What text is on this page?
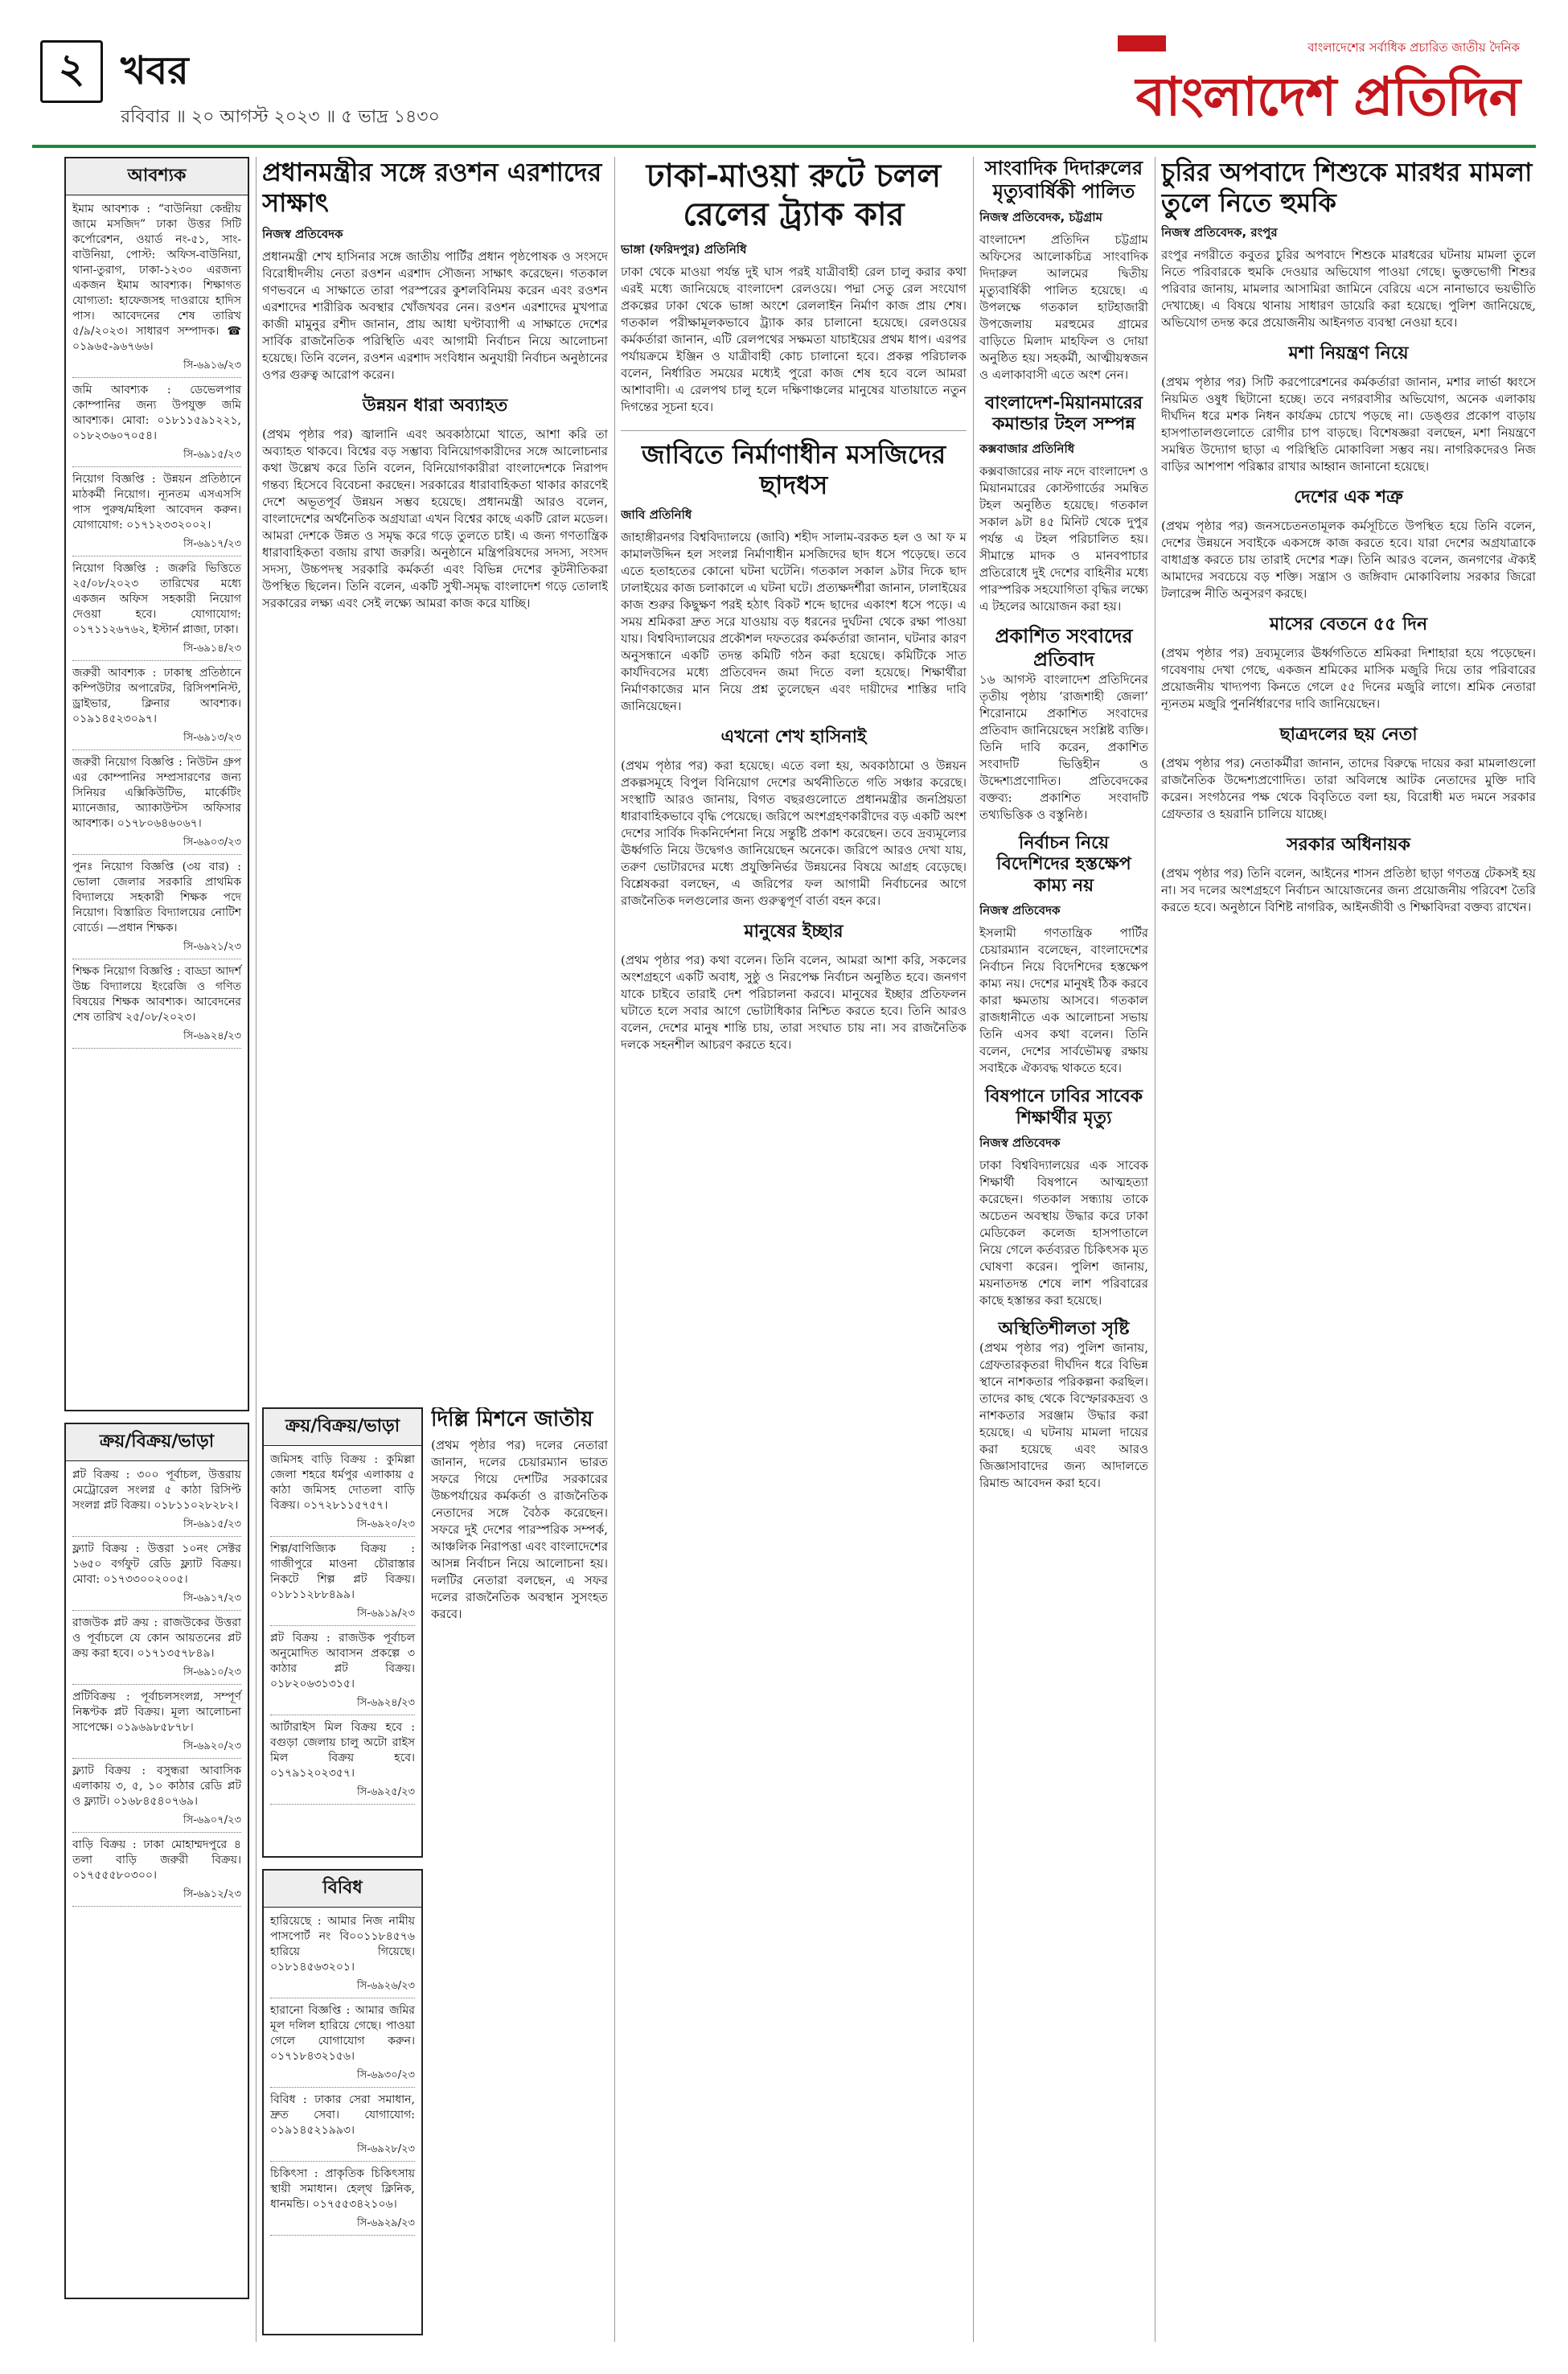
২ খবর
রবিবার ॥ ২০ আগস্ট ২০২৩ ॥ ৫ ভাদ্র ১৪৩০
বাংলাদেশের সর্বাধিক প্রচারিত জাতীয় দৈনিক
বাংলাদেশ প্রতিদিন
আবশ্যক
ইমাম আবশ্যক : “বাউনিয়া কেন্দ্রীয় জামে মসজিদ” ঢাকা উত্তর সিটি কর্পোরেশন, ওয়ার্ড নং-৫১, সাং-বাউনিয়া, পোস্ট: অফিস-বাউনিয়া, থানা-তুরাগ, ঢাকা-১২৩০ এরজন্য একজন ইমাম আবশ্যক। শিক্ষাগত যোগ্যতা: হাফেজসহ দাওরায়ে হাদিস পাস। আবেদনের শেষ তারিখ ৫/৯/২০২৩। সাধারণ সম্পাদক। ☎ ০১৯৬৫-৯৬৭৬৬।
সি-৬৯১৬/২৩
জমি আবশ্যক : ডেভেলপার কোম্পানির জন্য উপযুক্ত জমি আবশ্যক। মোবা: ০১৮১১৫৯১২২১, ০১৮২৩৬০৭০৫৪।
সি-৬৯১৫/২৩
নিয়োগ বিজ্ঞপ্তি : উন্নয়ন প্রতিষ্ঠানে মাঠকর্মী নিয়োগ। ন্যূনতম এসএসসি পাস পুরুষ/মহিলা আবেদন করুন। যোগাযোগ: ০১৭১২৩৩২০০২।
সি-৬৯১৭/২৩
নিয়োগ বিজ্ঞপ্তি : জরুরি ভিত্তিতে ২৫/০৮/২০২৩ তারিখের মধ্যে একজন অফিস সহকারী নিয়োগ দেওয়া হবে। যোগাযোগ: ০১৭১১২৬৭৬২, ইস্টার্ন প্লাজা, ঢাকা।
সি-৬৯১৪/২৩
জরুরী আবশ্যক : ঢাকাস্থ প্রতিষ্ঠানে কম্পিউটার অপারেটর, রিসিপশনিস্ট, ড্রাইভার, ক্লিনার আবশ্যক। ০১৯১৪৫২৩০৯৭।
সি-৬৯১৩/২৩
জরুরী নিয়োগ বিজ্ঞপ্তি : নিউটন গ্রুপ এর কোম্পানির সম্প্রসারণের জন্য সিনিয়র এক্সিকিউটিভ, মার্কেটিং ম্যানেজার, অ্যাকাউন্টস অফিসার আবশ্যক। ০১৭৮০৬৪৬০৬৭।
সি-৬৯০৩/২৩
পুনঃ নিয়োগ বিজ্ঞপ্তি (৩য় বার) : ভোলা জেলার সরকারি প্রাথমিক বিদ্যালয়ে সহকারী শিক্ষক পদে নিয়োগ। বিস্তারিত বিদ্যালয়ের নোটিশ বোর্ডে। —প্রধান শিক্ষক।
সি-৬৯২১/২৩
শিক্ষক নিয়োগ বিজ্ঞপ্তি : বাড্ডা আদর্শ উচ্চ বিদ্যালয়ে ইংরেজি ও গণিত বিষয়ের শিক্ষক আবশ্যক। আবেদনের শেষ তারিখ ২৫/০৮/২০২৩।
সি-৬৯২৪/২৩
ক্রয়/বিক্রয়/ভাড়া
প্লট বিক্রয় : ৩০০ পূর্বাচল, উত্তরায় মেট্রোরেল সংলগ্ন ৫ কাঠা রিসিপ্ট সংলগ্ন প্লট বিক্রয়। ০১৮১১০২৮২৮২।
সি-৬৯১৫/২৩
ফ্ল্যাট বিক্রয় : উত্তরা ১০নং সেক্টর ১৬৫০ বর্গফুট রেডি ফ্ল্যাট বিক্রয়। মোবা: ০১৭৩৩০০২০০৫।
সি-৬৯১৭/২৩
রাজউক প্লট ক্রয় : রাজউকের উত্তরা ও পূর্বাচলে যে কোন আয়তনের প্লট ক্রয় করা হবে। ০১৭১৩৫৭৮৪৯।
সি-৬৯১০/২৩
প্রটিবিক্রয় : পূর্বাচলসংলগ্ন, সম্পূর্ণ নিষ্কণ্টক প্লট বিক্রয়। মূল্য আলোচনা সাপেক্ষে। ০১৯৬৯৮৫৮৭৮।
সি-৬৯২০/২৩
ফ্ল্যাট বিক্রয় : বসুন্ধরা আবাসিক এলাকায় ৩, ৫, ১০ কাঠার রেডি প্লট ও ফ্ল্যাট। ০১৬৮৪৫৪০৭৬৯।
সি-৬৯০৭/২৩
বাড়ি বিক্রয় : ঢাকা মোহাম্মদপুরে ৪ তলা বাড়ি জরুরী বিক্রয়। ০১৭৫৫৫৮০৩০০।
সি-৬৯১২/২৩
প্রধানমন্ত্রীর সঙ্গে রওশন এরশাদের সাক্ষাৎ
নিজস্ব প্রতিবেদক

প্রধানমন্ত্রী শেখ হাসিনার সঙ্গে জাতীয় পার্টির প্রধান পৃষ্ঠপোষক ও সংসদে বিরোধীদলীয় নেতা রওশন এরশাদ সৌজন্য সাক্ষাৎ করেছেন। গতকাল গণভবনে এ সাক্ষাতে তারা পরস্পরের কুশলবিনিময় করেন এবং রওশন এরশাদের শারীরিক অবস্থার খোঁজখবর নেন। রওশন এরশাদের মুখপাত্র কাজী মামুনুর রশীদ জানান, প্রায় আধা ঘণ্টাব্যাপী এ সাক্ষাতে দেশের সার্বিক রাজনৈতিক পরিস্থিতি এবং আগামী নির্বাচন নিয়ে আলোচনা হয়েছে। তিনি বলেন, রওশন এরশাদ সংবিধান অনুযায়ী নির্বাচন অনুষ্ঠানের ওপর গুরুত্ব আরোপ করেন।

উন্নয়ন ধারা অব্যাহত

(প্রথম পৃষ্ঠার পর) জ্বালানি এবং অবকাঠামো খাতে, আশা করি তা অব্যাহত থাকবে। বিশ্বের বড় সম্ভাব্য বিনিয়োগকারীদের সঙ্গে আলোচনার কথা উল্লেখ করে তিনি বলেন, বিনিয়োগকারীরা বাংলাদেশকে নিরাপদ গন্তব্য হিসেবে বিবেচনা করছেন। সরকারের ধারাবাহিকতা থাকার কারণেই দেশে অভূতপূর্ব উন্নয়ন সম্ভব হয়েছে। প্রধানমন্ত্রী আরও বলেন, বাংলাদেশের অর্থনৈতিক অগ্রযাত্রা এখন বিশ্বের কাছে একটি রোল মডেল। আমরা দেশকে উন্নত ও সমৃদ্ধ করে গড়ে তুলতে চাই। এ জন্য গণতান্ত্রিক ধারাবাহিকতা বজায় রাখা জরুরি। অনুষ্ঠানে মন্ত্রিপরিষদের সদস্য, সংসদ সদস্য, উচ্চপদস্থ সরকারি কর্মকর্তা এবং বিভিন্ন দেশের কূটনীতিকরা উপস্থিত ছিলেন। তিনি বলেন, একটি সুখী-সমৃদ্ধ বাংলাদেশ গড়ে তোলাই সরকারের লক্ষ্য এবং সেই লক্ষ্যে আমরা কাজ করে যাচ্ছি।

ক্রয়/বিক্রয়/ভাড়া
জমিসহ বাড়ি বিক্রয় : কুমিল্লা জেলা শহরে ধর্মপুর এলাকায় ৫ কাঠা জমিসহ দোতলা বাড়ি বিক্রয়। ০১৭২৮১১৫৭৫৭।
সি-৬৯২০/২৩
শিল্প/বাণিজ্যিক বিক্রয় : গাজীপুরে মাওনা চৌরাস্তার নিকটে শিল্প প্লট বিক্রয়। ০১৮১১২৮৮৪৯৯।
সি-৬৯১৯/২৩
প্লট বিক্রয় : রাজউক পূর্বাচল অনুমোদিত আবাসন প্রকল্পে ৩ কাঠার প্লট বিক্রয়। ০১৮২০৬৩১৩১৫।
সি-৬৯২৪/২৩
আর্টারাইস মিল বিক্রয় হবে : বগুড়া জেলায় চালু অটো রাইস মিল বিক্রয় হবে। ০১৭৯১২০২৩৫৭।
সি-৬৯২৫/২৩
বিবিধ
হারিয়েছে : আমার নিজ নামীয় পাসপোর্ট নং বি০০১১৮৪৫৭৬ হারিয়ে গিয়েছে। ০১৮১৪৫৬৩২০১।
সি-৬৯২৬/২৩
হারানো বিজ্ঞপ্তি : আমার জমির মূল দলিল হারিয়ে গেছে। পাওয়া গেলে যোগাযোগ করুন। ০১৭১৮৪৩২১৫৬।
সি-৬৯৩০/২৩
বিবিধ : ঢাকার সেরা সমাধান, দ্রুত সেবা। যোগাযোগ: ০১৯১৪৫২১৯৯৩।
সি-৬৯২৮/২৩
চিকিৎসা : প্রাকৃতিক চিকিৎসায় স্থায়ী সমাধান। হেল্থ ক্লিনিক, ধানমন্ডি। ০১৭৫৫৩৪২১০৬।
সি-৬৯২৯/২৩
দিল্লি মিশনে জাতীয়

(প্রথম পৃষ্ঠার পর) দলের নেতারা জানান, দলের চেয়ারম্যান ভারত সফরে গিয়ে দেশটির সরকারের উচ্চপর্যায়ের কর্মকর্তা ও রাজনৈতিক নেতাদের সঙ্গে বৈঠক করেছেন। সফরে দুই দেশের পারস্পরিক সম্পর্ক, আঞ্চলিক নিরাপত্তা এবং বাংলাদেশের আসন্ন নির্বাচন নিয়ে আলোচনা হয়। দলটির নেতারা বলছেন, এ সফর দলের রাজনৈতিক অবস্থান সুসংহত করবে।

ঢাকা-মাওয়া রুটে চলল রেলের ট্র্যাক কার
ভাঙ্গা (ফরিদপুর) প্রতিনিধি

ঢাকা থেকে মাওয়া পর্যন্ত দুই ঘাস পরই যাত্রীবাহী রেল চালু করার কথা এরই মধ্যে জানিয়েছে বাংলাদেশ রেলওয়ে। পদ্মা সেতু রেল সংযোগ প্রকল্পের ঢাকা থেকে ভাঙ্গা অংশে রেললাইন নির্মাণ কাজ প্রায় শেষ। গতকাল পরীক্ষামূলকভাবে ট্র্যাক কার চালানো হয়েছে। রেলওয়ের কর্মকর্তারা জানান, এটি রেলপথের সক্ষমতা যাচাইয়ের প্রথম ধাপ। এরপর পর্যায়ক্রমে ইঞ্জিন ও যাত্রীবাহী কোচ চালানো হবে। প্রকল্প পরিচালক বলেন, নির্ধারিত সময়ের মধ্যেই পুরো কাজ শেষ হবে বলে আমরা আশাবাদী। এ রেলপথ চালু হলে দক্ষিণাঞ্চলের মানুষের যাতায়াতে নতুন দিগন্তের সূচনা হবে।

জাবিতে নির্মাণাধীন মসজিদের ছাদধস
জাবি প্রতিনিধি

জাহাঙ্গীরনগর বিশ্ববিদ্যালয়ে (জাবি) শহীদ সালাম-বরকত হল ও আ ফ ম কামালউদ্দিন হল সংলগ্ন নির্মাণাধীন মসজিদের ছাদ ধসে পড়েছে। তবে এতে হতাহতের কোনো ঘটনা ঘটেনি। গতকাল সকাল ৯টার দিকে ছাদ ঢালাইয়ের কাজ চলাকালে এ ঘটনা ঘটে। প্রত্যক্ষদর্শীরা জানান, ঢালাইয়ের কাজ শুরুর কিছুক্ষণ পরই হঠাৎ বিকট শব্দে ছাদের একাংশ ধসে পড়ে। এ সময় শ্রমিকরা দ্রুত সরে যাওয়ায় বড় ধরনের দুর্ঘটনা থেকে রক্ষা পাওয়া যায়। বিশ্ববিদ্যালয়ের প্রকৌশল দফতরের কর্মকর্তারা জানান, ঘটনার কারণ অনুসন্ধানে একটি তদন্ত কমিটি গঠন করা হয়েছে। কমিটিকে সাত কার্যদিবসের মধ্যে প্রতিবেদন জমা দিতে বলা হয়েছে। শিক্ষার্থীরা নির্মাণকাজের মান নিয়ে প্রশ্ন তুলেছেন এবং দায়ীদের শাস্তির দাবি জানিয়েছেন।

এখনো শেখ হাসিনাই

(প্রথম পৃষ্ঠার পর) করা হয়েছে। এতে বলা হয়, অবকাঠামো ও উন্নয়ন প্রকল্পসমূহে বিপুল বিনিয়োগ দেশের অর্থনীতিতে গতি সঞ্চার করেছে। সংস্থাটি আরও জানায়, বিগত বছরগুলোতে প্রধানমন্ত্রীর জনপ্রিয়তা ধারাবাহিকভাবে বৃদ্ধি পেয়েছে। জরিপে অংশগ্রহণকারীদের বড় একটি অংশ দেশের সার্বিক দিকনির্দেশনা নিয়ে সন্তুষ্টি প্রকাশ করেছেন। তবে দ্রব্যমূল্যের ঊর্ধ্বগতি নিয়ে উদ্বেগও জানিয়েছেন অনেকে। জরিপে আরও দেখা যায়, তরুণ ভোটারদের মধ্যে প্রযুক্তিনির্ভর উন্নয়নের বিষয়ে আগ্রহ বেড়েছে। বিশ্লেষকরা বলছেন, এ জরিপের ফল আগামী নির্বাচনের আগে রাজনৈতিক দলগুলোর জন্য গুরুত্বপূর্ণ বার্তা বহন করে।

মানুষের ইচ্ছার

(প্রথম পৃষ্ঠার পর) কথা বলেন। তিনি বলেন, আমরা আশা করি, সকলের অংশগ্রহণে একটি অবাধ, সুষ্ঠু ও নিরপেক্ষ নির্বাচন অনুষ্ঠিত হবে। জনগণ যাকে চাইবে তারাই দেশ পরিচালনা করবে। মানুষের ইচ্ছার প্রতিফলন ঘটাতে হলে সবার আগে ভোটাধিকার নিশ্চিত করতে হবে। তিনি আরও বলেন, দেশের মানুষ শান্তি চায়, তারা সংঘাত চায় না। সব রাজনৈতিক দলকে সহনশীল আচরণ করতে হবে।

সাংবাদিক দিদারুলের মৃত্যুবার্ষিকী পালিত
নিজস্ব প্রতিবেদক, চট্টগ্রাম

বাংলাদেশ প্রতিদিন চট্টগ্রাম অফিসের আলোকচিত্র সাংবাদিক দিদারুল আলমের দ্বিতীয় মৃত্যুবার্ষিকী পালিত হয়েছে। এ উপলক্ষে গতকাল হাটহাজারী উপজেলায় মরহুমের গ্রামের বাড়িতে মিলাদ মাহফিল ও দোয়া অনুষ্ঠিত হয়। সহকর্মী, আত্মীয়স্বজন ও এলাকাবাসী এতে অংশ নেন।

বাংলাদেশ-মিয়ানমারের কমান্ডার টহল সম্পন্ন
কক্সবাজার প্রতিনিধি

কক্সবাজারের নাফ নদে বাংলাদেশ ও মিয়ানমারের কোস্টগার্ডের সমন্বিত টহল অনুষ্ঠিত হয়েছে। গতকাল সকাল ৯টা ৪৫ মিনিট থেকে দুপুর পর্যন্ত এ টহল পরিচালিত হয়। সীমান্তে মাদক ও মানবপাচার প্রতিরোধে দুই দেশের বাহিনীর মধ্যে পারস্পরিক সহযোগিতা বৃদ্ধির লক্ষ্যে এ টহলের আয়োজন করা হয়।

প্রকাশিত সংবাদের প্রতিবাদ

১৬ আগস্ট বাংলাদেশ প্রতিদিনের তৃতীয় পৃষ্ঠায় ‘রাজশাহী জেলা’ শিরোনামে প্রকাশিত সংবাদের প্রতিবাদ জানিয়েছেন সংশ্লিষ্ট ব্যক্তি। তিনি দাবি করেন, প্রকাশিত সংবাদটি ভিত্তিহীন ও উদ্দেশ্যপ্রণোদিত। প্রতিবেদকের বক্তব্য: প্রকাশিত সংবাদটি তথ্যভিত্তিক ও বস্তুনিষ্ঠ।

নির্বাচন নিয়ে বিদেশিদের হস্তক্ষেপ কাম্য নয়
নিজস্ব প্রতিবেদক

ইসলামী গণতান্ত্রিক পার্টির চেয়ারম্যান বলেছেন, বাংলাদেশের নির্বাচন নিয়ে বিদেশিদের হস্তক্ষেপ কাম্য নয়। দেশের মানুষই ঠিক করবে কারা ক্ষমতায় আসবে। গতকাল রাজধানীতে এক আলোচনা সভায় তিনি এসব কথা বলেন। তিনি বলেন, দেশের সার্বভৌমত্ব রক্ষায় সবাইকে ঐক্যবদ্ধ থাকতে হবে।

বিষপানে ঢাবির সাবেক শিক্ষার্থীর মৃত্যু
নিজস্ব প্রতিবেদক

ঢাকা বিশ্ববিদ্যালয়ের এক সাবেক শিক্ষার্থী বিষপানে আত্মহত্যা করেছেন। গতকাল সন্ধ্যায় তাকে অচেতন অবস্থায় উদ্ধার করে ঢাকা মেডিকেল কলেজ হাসপাতালে নিয়ে গেলে কর্তব্যরত চিকিৎসক মৃত ঘোষণা করেন। পুলিশ জানায়, ময়নাতদন্ত শেষে লাশ পরিবারের কাছে হস্তান্তর করা হয়েছে।

অস্থিতিশীলতা সৃষ্টি

(প্রথম পৃষ্ঠার পর) পুলিশ জানায়, গ্রেফতারকৃতরা দীর্ঘদিন ধরে বিভিন্ন স্থানে নাশকতার পরিকল্পনা করছিল। তাদের কাছ থেকে বিস্ফোরকদ্রব্য ও নাশকতার সরঞ্জাম উদ্ধার করা হয়েছে। এ ঘটনায় মামলা দায়ের করা হয়েছে এবং আরও জিজ্ঞাসাবাদের জন্য আদালতে রিমান্ড আবেদন করা হবে।

চুরির অপবাদে শিশুকে মারধর মামলা তুলে নিতে হুমকি
নিজস্ব প্রতিবেদক, রংপুর

রংপুর নগরীতে কবুতর চুরির অপবাদে শিশুকে মারধরের ঘটনায় মামলা তুলে নিতে পরিবারকে হুমকি দেওয়ার অভিযোগ পাওয়া গেছে। ভুক্তভোগী শিশুর পরিবার জানায়, মামলার আসামিরা জামিনে বেরিয়ে এসে নানাভাবে ভয়ভীতি দেখাচ্ছে। এ বিষয়ে থানায় সাধারণ ডায়েরি করা হয়েছে। পুলিশ জানিয়েছে, অভিযোগ তদন্ত করে প্রয়োজনীয় আইনগত ব্যবস্থা নেওয়া হবে।

মশা নিয়ন্ত্রণ নিয়ে

(প্রথম পৃষ্ঠার পর) সিটি করপোরেশনের কর্মকর্তারা জানান, মশার লার্ভা ধ্বংসে নিয়মিত ওষুধ ছিটানো হচ্ছে। তবে নগরবাসীর অভিযোগ, অনেক এলাকায় দীর্ঘদিন ধরে মশক নিধন কার্যক্রম চোখে পড়ছে না। ডেঙ্গুর প্রকোপ বাড়ায় হাসপাতালগুলোতে রোগীর চাপ বাড়ছে। বিশেষজ্ঞরা বলছেন, মশা নিয়ন্ত্রণে সমন্বিত উদ্যোগ ছাড়া এ পরিস্থিতি মোকাবিলা সম্ভব নয়। নাগরিকদেরও নিজ বাড়ির আশপাশ পরিষ্কার রাখার আহ্বান জানানো হয়েছে।

দেশের এক শত্রু

(প্রথম পৃষ্ঠার পর) জনসচেতনতামূলক কর্মসূচিতে উপস্থিত হয়ে তিনি বলেন, দেশের উন্নয়নে সবাইকে একসঙ্গে কাজ করতে হবে। যারা দেশের অগ্রযাত্রাকে বাধাগ্রস্ত করতে চায় তারাই দেশের শত্রু। তিনি আরও বলেন, জনগণের ঐক্যই আমাদের সবচেয়ে বড় শক্তি। সন্ত্রাস ও জঙ্গিবাদ মোকাবিলায় সরকার জিরো টলারেন্স নীতি অনুসরণ করছে।

মাসের বেতনে ৫৫ দিন

(প্রথম পৃষ্ঠার পর) দ্রব্যমূল্যের ঊর্ধ্বগতিতে শ্রমিকরা দিশাহারা হয়ে পড়েছেন। গবেষণায় দেখা গেছে, একজন শ্রমিকের মাসিক মজুরি দিয়ে তার পরিবারের প্রয়োজনীয় খাদ্যপণ্য কিনতে গেলে ৫৫ দিনের মজুরি লাগে। শ্রমিক নেতারা ন্যূনতম মজুরি পুনর্নির্ধারণের দাবি জানিয়েছেন।

ছাত্রদলের ছয় নেতা

(প্রথম পৃষ্ঠার পর) নেতাকর্মীরা জানান, তাদের বিরুদ্ধে দায়ের করা মামলাগুলো রাজনৈতিক উদ্দেশ্যপ্রণোদিত। তারা অবিলম্বে আটক নেতাদের মুক্তি দাবি করেন। সংগঠনের পক্ষ থেকে বিবৃতিতে বলা হয়, বিরোধী মত দমনে সরকার গ্রেফতার ও হয়রানি চালিয়ে যাচ্ছে।

সরকার অধিনায়ক

(প্রথম পৃষ্ঠার পর) তিনি বলেন, আইনের শাসন প্রতিষ্ঠা ছাড়া গণতন্ত্র টেকসই হয় না। সব দলের অংশগ্রহণে নির্বাচন আয়োজনের জন্য প্রয়োজনীয় পরিবেশ তৈরি করতে হবে। অনুষ্ঠানে বিশিষ্ট নাগরিক, আইনজীবী ও শিক্ষাবিদরা বক্তব্য রাখেন।
